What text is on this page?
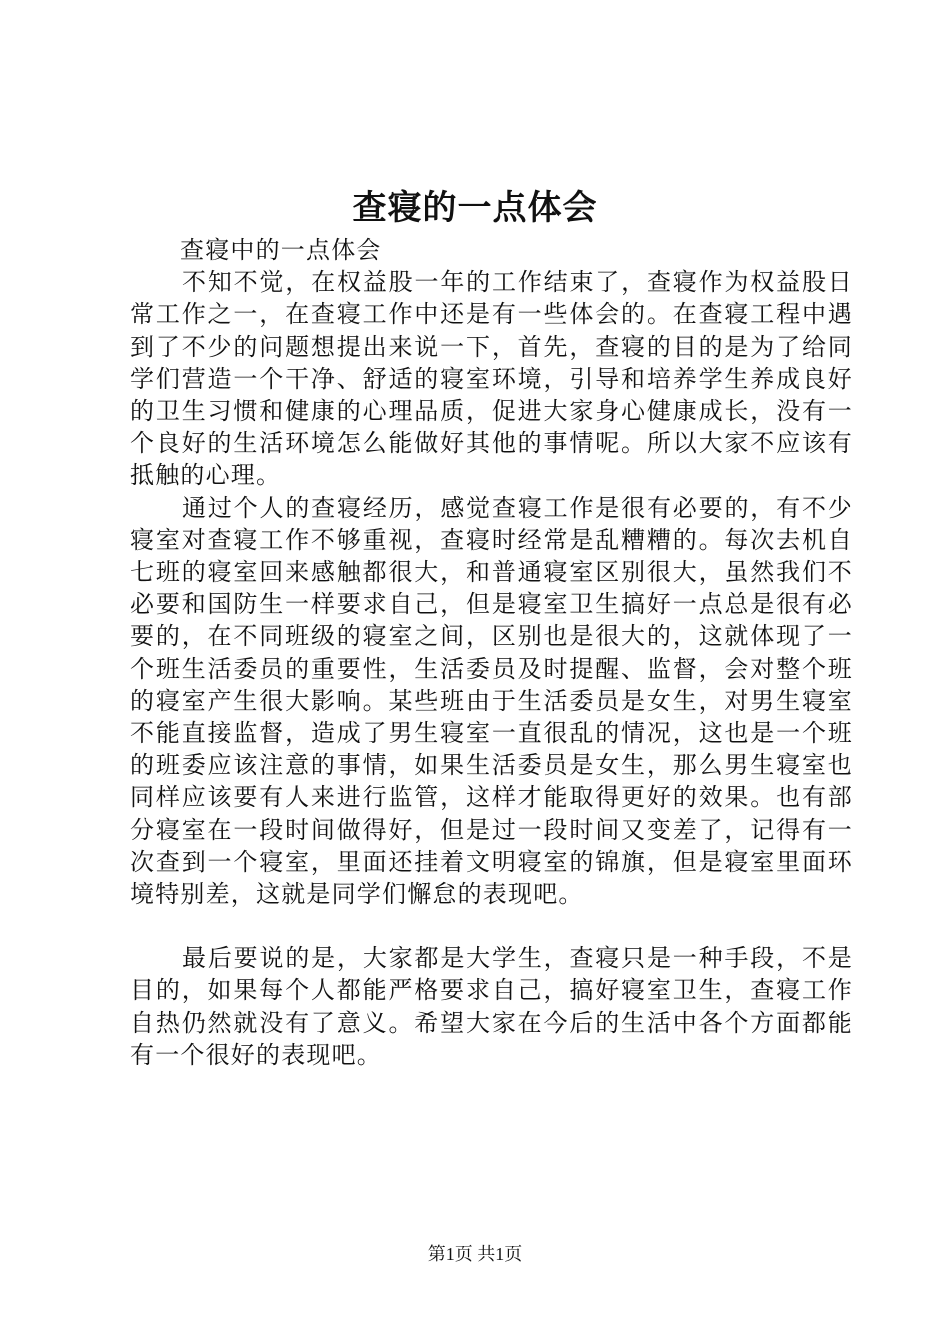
查寝的一点体会

查寝中的一点体会

不知不觉，在权益股一年的工作结束了，查寝作为权益股日常工作之一，在查寝工作中还是有一些体会的。在查寝工程中遇到了不少的问题想提出来说一下，首先，查寝的目的是为了给同学们营造一个干净、舒适的寝室环境，引导和培养学生养成良好的卫生习惯和健康的心理品质，促进大家身心健康成长，没有一个良好的生活环境怎么能做好其他的事情呢。所以大家不应该有抵触的心理。

通过个人的查寝经历，感觉查寝工作是很有必要的，有不少寝室对查寝工作不够重视，查寝时经常是乱糟糟的。每次去机自七班的寝室回来感触都很大，和普通寝室区别很大，虽然我们不必要和国防生一样要求自己，但是寝室卫生搞好一点总是很有必要的，在不同班级的寝室之间，区别也是很大的，这就体现了一个班生活委员的重要性，生活委员及时提醒、监督，会对整个班的寝室产生很大影响。某些班由于生活委员是女生，对男生寝室不能直接监督，造成了男生寝室一直很乱的情况，这也是一个班的班委应该注意的事情，如果生活委员是女生，那么男生寝室也同样应该要有人来进行监管，这样才能取得更好的效果。也有部分寝室在一段时间做得好，但是过一段时间又变差了，记得有一次查到一个寝室，里面还挂着文明寝室的锦旗，但是寝室里面环境特别差，这就是同学们懈怠的表现吧。

最后要说的是，大家都是大学生，查寝只是一种手段，不是目的，如果每个人都能严格要求自己，搞好寝室卫生，查寝工作自热仍然就没有了意义。希望大家在今后的生活中各个方面都能有一个很好的表现吧。

第1页 共1页
